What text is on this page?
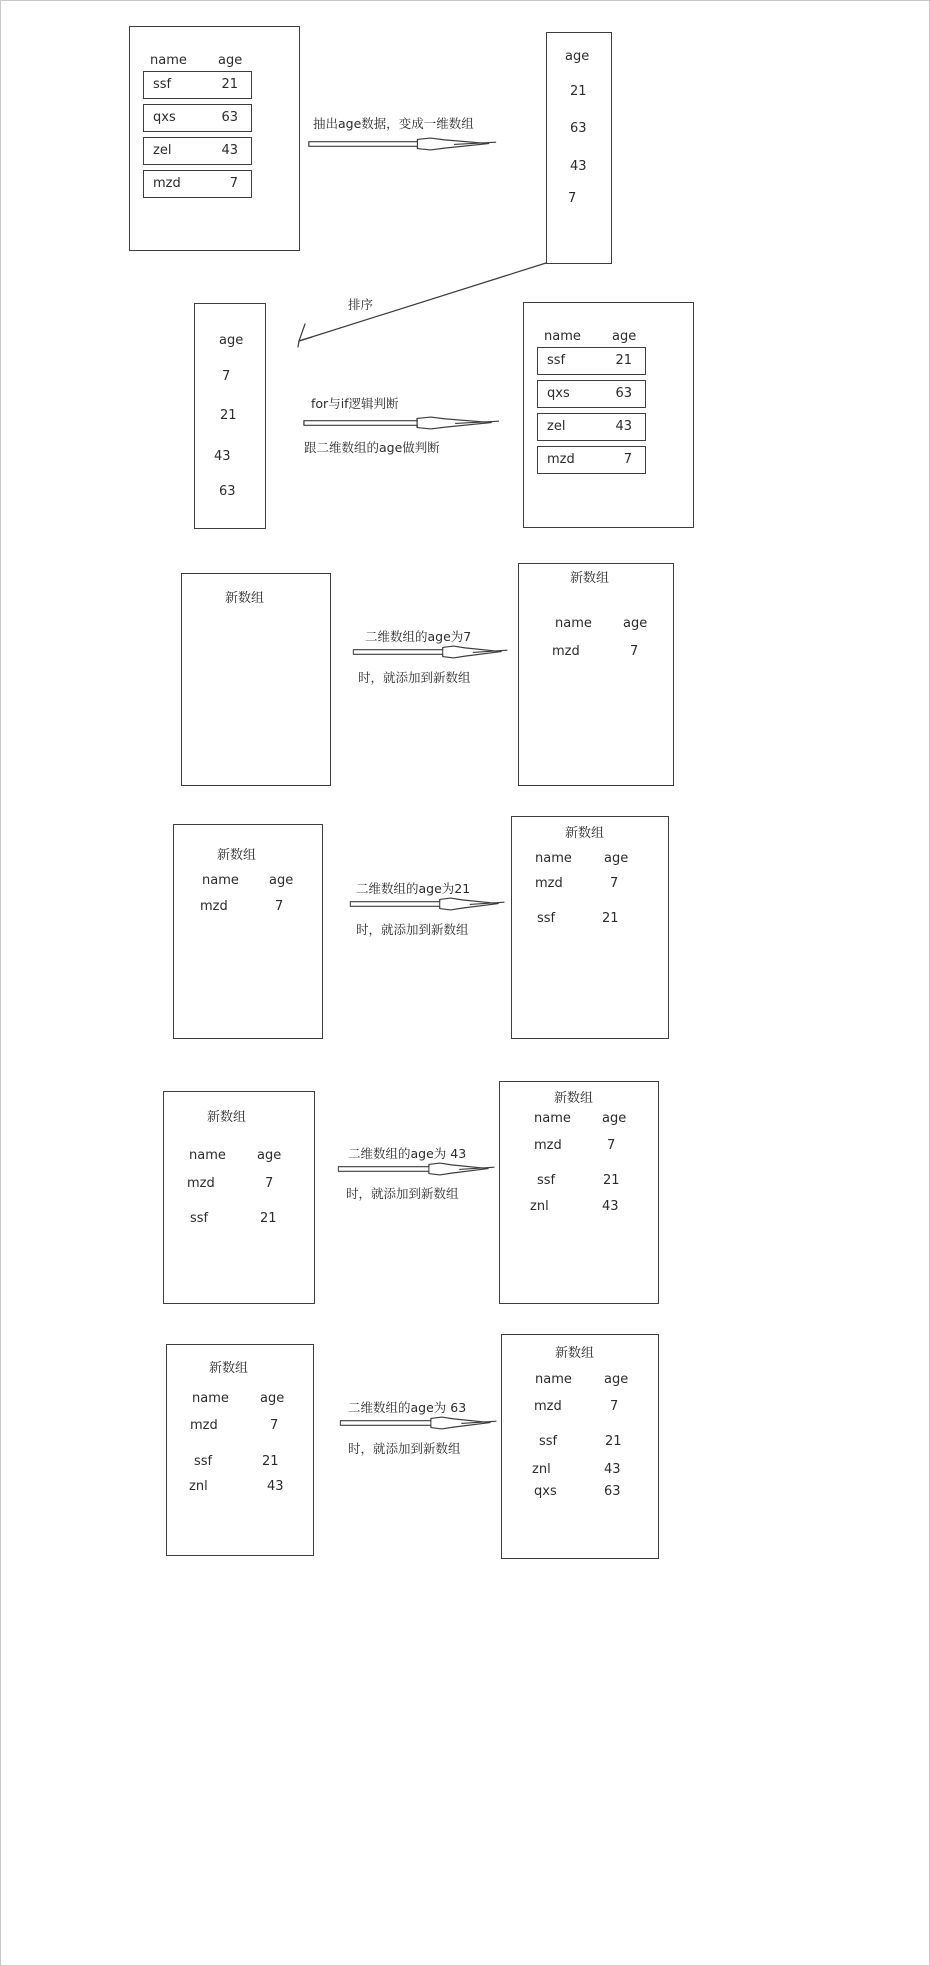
name age
ssf	21
qxs	63
zel	43
mzd	7
抽出age数据，变成一维数组
age
21
63
43
7
排序
age
7
21
43
63
for与if逻辑判断
跟二维数组的age做判断
name age
ssf	21
qxs	63
zel	43
mzd	7
新数组
二维数组的age为7
时，就添加到新数组
新数组
name age
mzd	7
新数组
name age
mzd	7
二维数组的age为21
时，就添加到新数组
新数组
name age
mzd	7
ssf	21
新数组
name age
mzd	7
ssf	21
二维数组的age为 43
时，就添加到新数组
新数组
name age
mzd	7
ssf	21
znl	43
新数组
name age
mzd	7
ssf	21
znl	43
二维数组的age为 63
时，就添加到新数组
新数组
name age
mzd	7
ssf	21
znl	43
qxs	63
